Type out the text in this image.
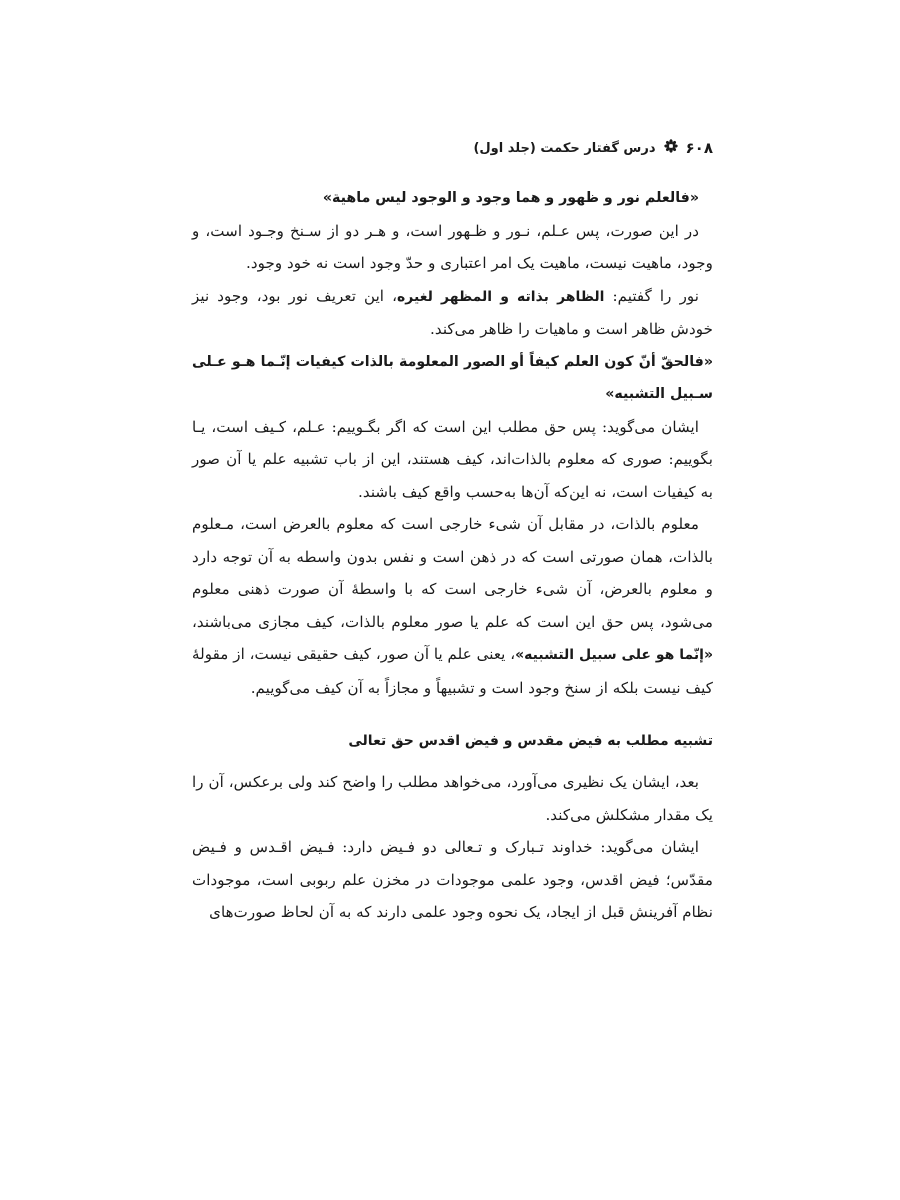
۶۰۸
درس گفتار حکمت (جلد اول)

«فالعلم نور و ظهور و هما وجود و الوجود لیس ماهیة»

در این صورت، پس عـلم، نـور و ظـهور است، و هـر دو از سـنخ وجـود است، و وجود، ماهیت نیست، ماهیت یک امر اعتباری و حدّ وجود است نه خود وجود.

نور را گفتیم: الظاهر بذاته و المظهر لغیره، این تعریف نور بود، وجود نیز خودش ظاهر است و ماهیات را ظاهر می‌کند.

«فالحقّ أنّ کون العلم کیفاً أو الصور المعلومة بالذات کیفیات إنّـما هـو عـلی سـبیل التشبیه»

ایشان می‌گوید: پس حق مطلب این است که اگر بگـوییم: عـلم، کـیف است، یـا بگوییم: صوری که معلوم بالذات‌اند، کیف هستند، این از باب تشبیه علم یا آن صور به کیفیات است، نه این‌که آن‌ها به‌حسب واقع کیف باشند.

معلوم بالذات، در مقابل آن شیء خارجی است که معلوم بالعرض است، مـعلوم بالذات، همان صورتی است که در ذهن است و نفس بدون واسطه به آن توجه دارد و معلوم بالعرض، آن شیء خارجی است که با واسطهٔ آن صورت ذهنی معلوم می‌شود، پس حق این است که علم یا صور معلوم بالذات، کیف مجازی می‌باشند، «إنّما هو علی سبیل التشبیه»، یعنی علم یا آن صور، کیف حقیقی نیست، از مقولهٔ کیف نیست بلکه از سنخ وجود است و تشبیهاً و مجازاً به آن کیف می‌گوییم.

تشبیه مطلب به فیض مقدس و فیض اقدس حق تعالی

بعد، ایشان یک نظیری می‌آورد، می‌خواهد مطلب را واضح کند ولی برعکس، آن را یک مقدار مشکلش می‌کند.

ایشان می‌گوید: خداوند تـبارک و تـعالی دو فـیض دارد: فـیض اقـدس و فـیض مقدّس؛ فیض اقدس، وجود علمی موجودات در مخزن علم ربوبی است، موجودات نظام آفرینش قبل از ایجاد، یک نحوه وجود علمی دارند که به آن لحاظ صورت‌های
